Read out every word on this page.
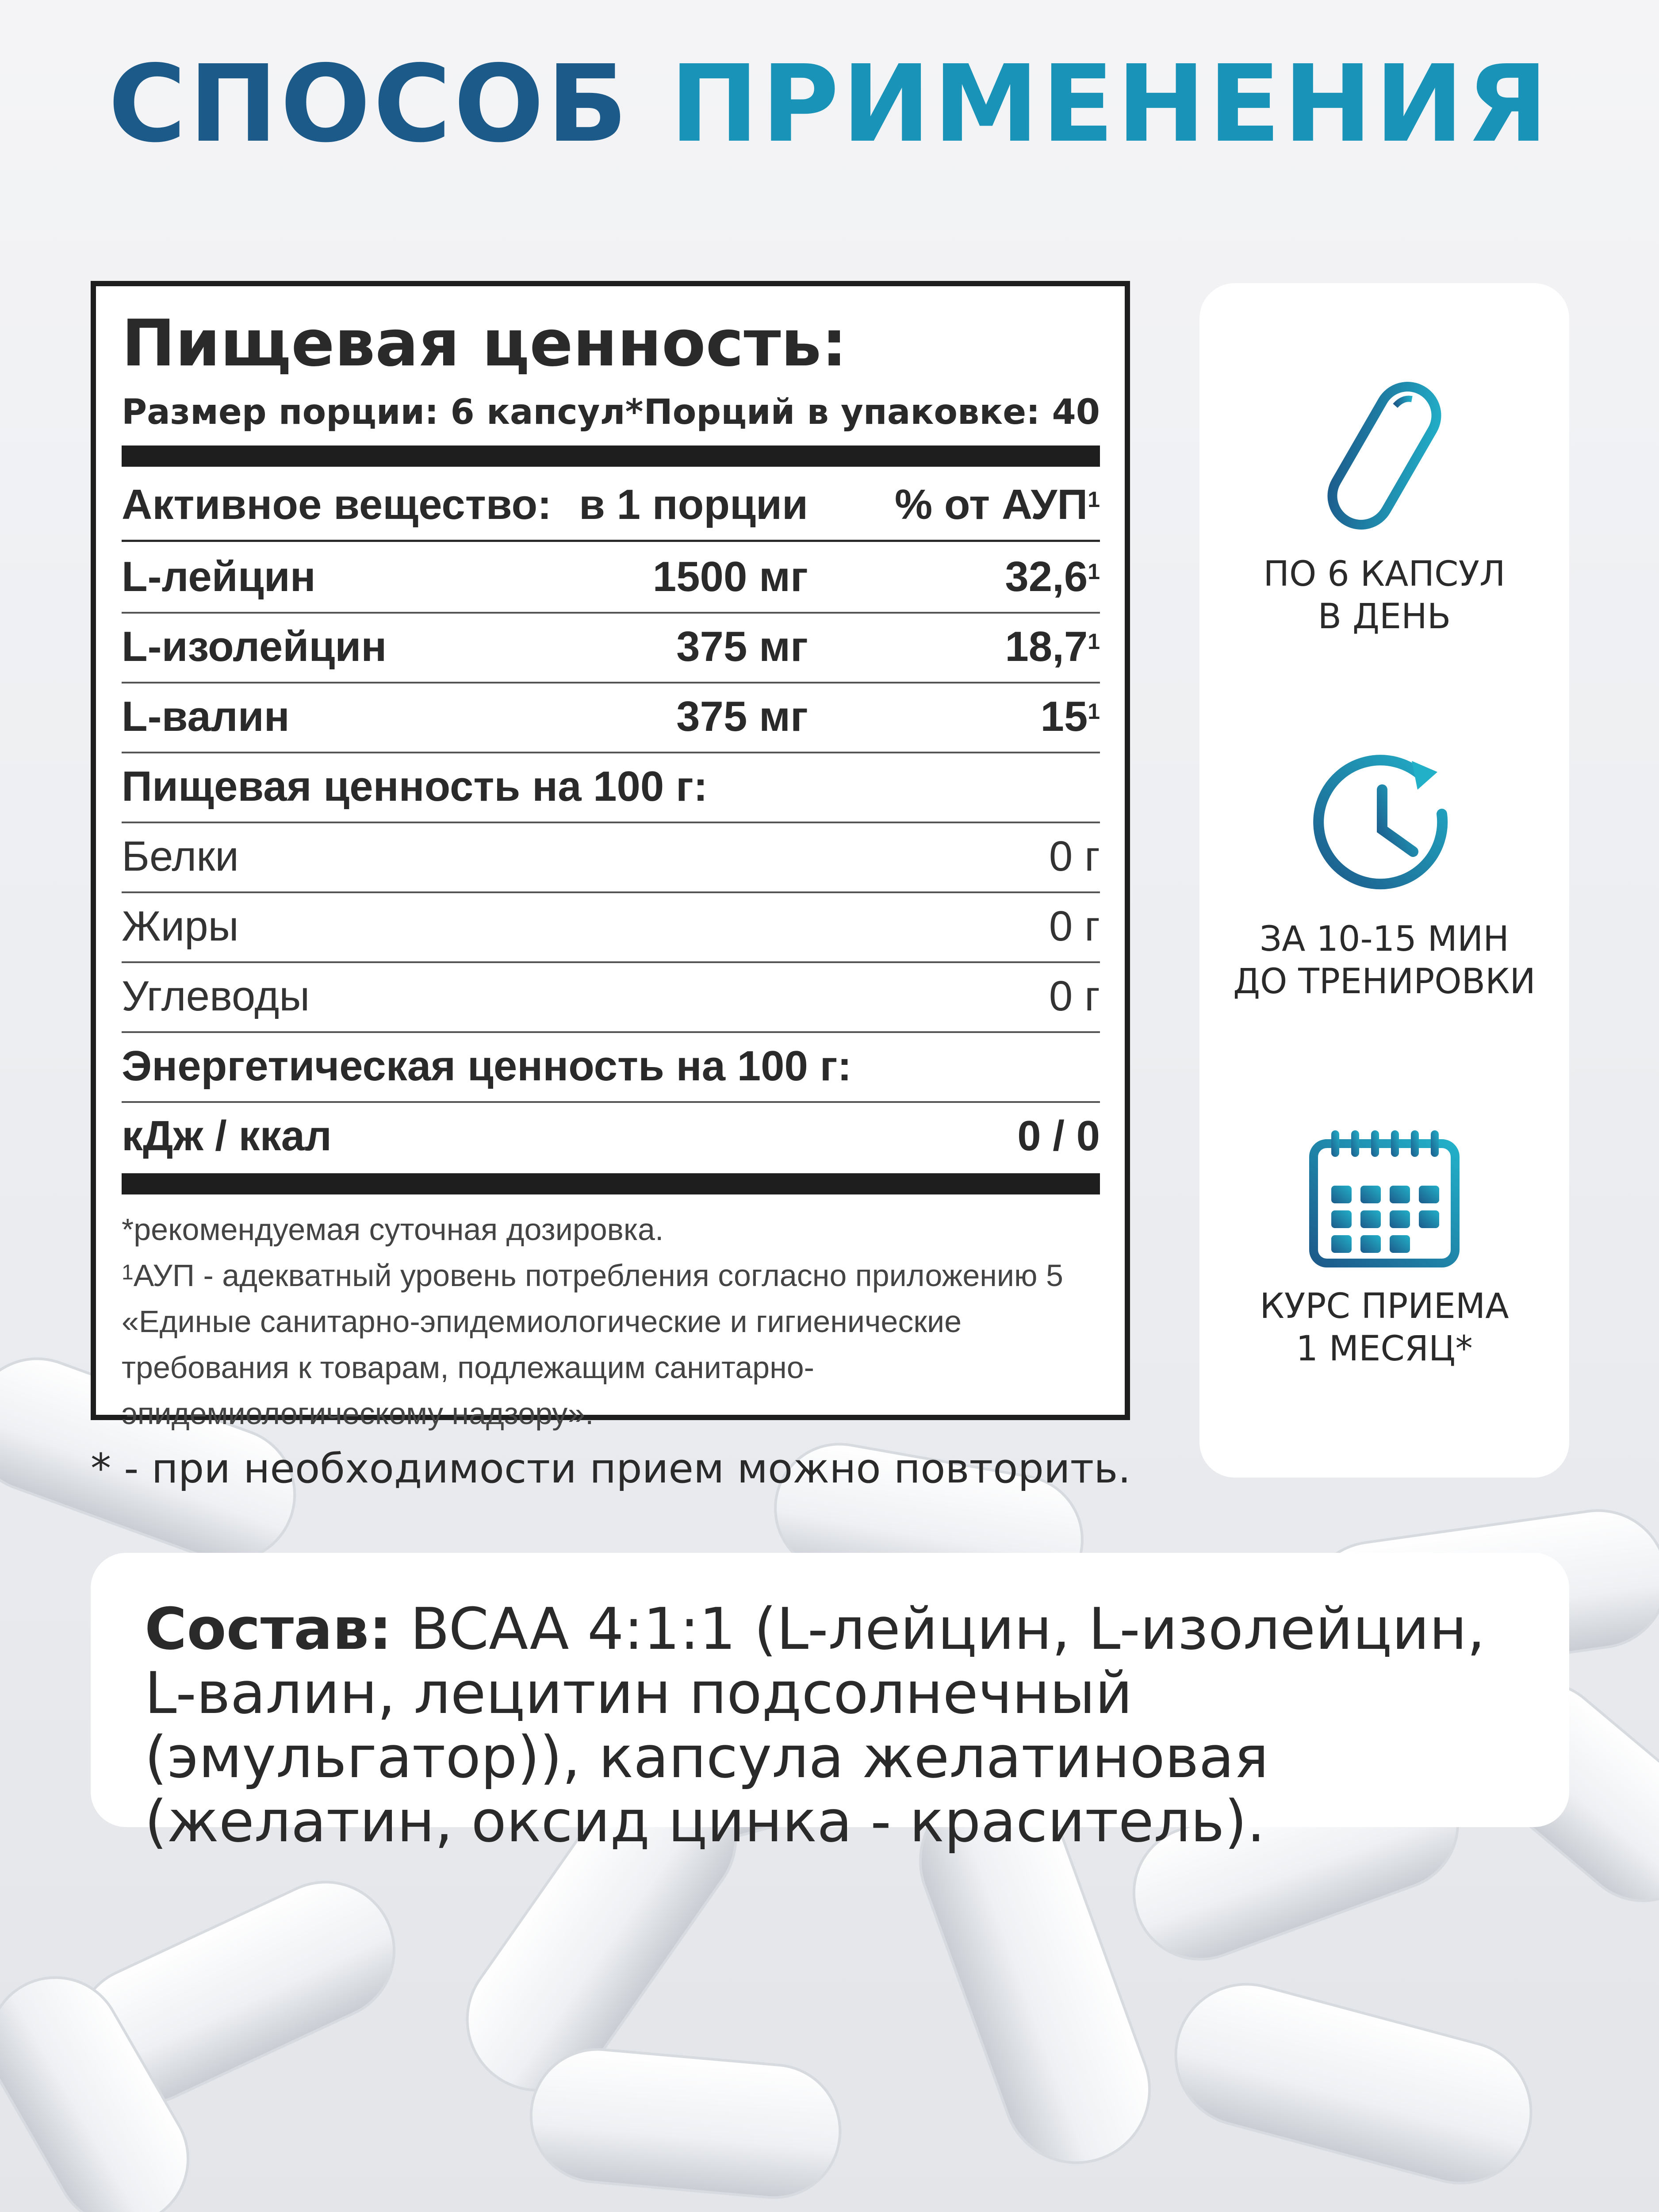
СПОСОБ ПРИМЕНЕНИЯ
Пищевая ценность:
Размер порции: 6 капсул* Порций в упаковке: 40
Активное вещество: в 1 порции % от АУП$^1$
L-лейцин	1500 мг	32,6$^1$
L-изолейцин	375 мг	18,7$^1$
L-валин	375 мг	$15^1$
Пищевая ценность на 100 г:
Белки	0 г
Жиры	0 г
Углеводы	0 г
Энергетическая ценность на 100 г:
кДж / ккал	0 / 0
*рекомендуемая суточная дозировка.
$^1$АУП - адекватный уровень потребления согласно приложению 5 «Единые санитарно-эпидемиологические и гигиенические требования к товарам, подлежащим санитарно-эпидемиологическому надзору».
* - при необходимости прием можно повторить.
ПО 6 КАПСУЛ
В ДЕНЬ
ЗА 10-15 МИН
ДО ТРЕНИРОВКИ
КУРС ПРИЕМА
1 МЕСЯЦ*
Состав: BCAA 4:1:1 (L-лейцин, L-изолейцин, L-валин, лецитин подсолнечный (эмульгатор)), капсула желатиновая (желатин, оксид цинка - краситель).
